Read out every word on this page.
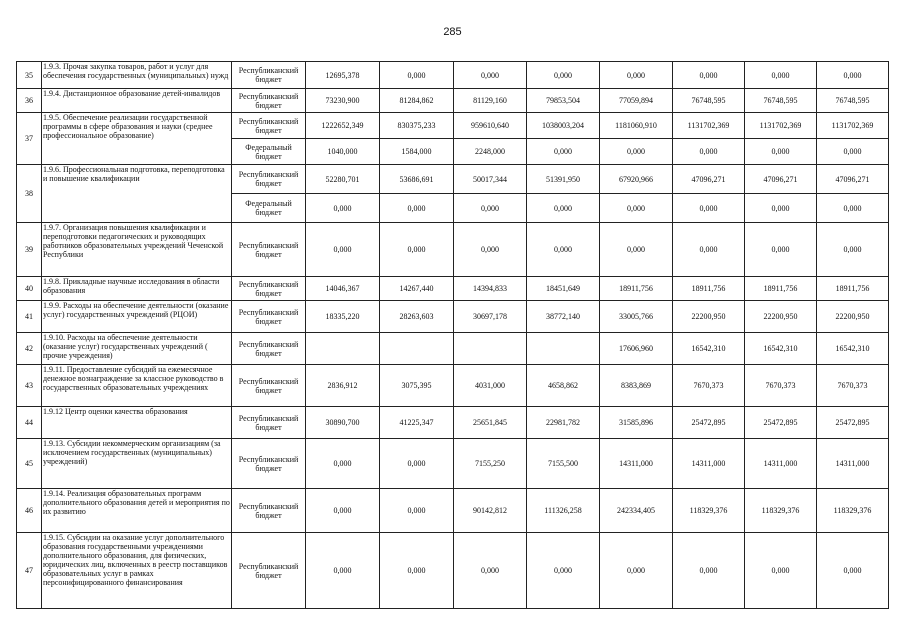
285
35	1.9.3. Прочая закупка товаров, работ и услуг для обеспечения государственных (муниципальных) нужд	Республиканский бюджет	12695,378	0,000	0,000	0,000	0,000	0,000	0,000	0,000
36	1.9.4. Дистанционное образование детей-инвалидов	Республиканский бюджет	73230,900	81284,862	81129,160	79853,504	77059,894	76748,595	76748,595	76748,595
37	1.9.5. Обеспечение реализации государственной программы в сфере образования и науки (среднее профессиональное образование)	Республиканский бюджет	1222652,349	830375,233	959610,640	1038003,204	1181060,910	1131702,369	1131702,369	1131702,369
		Федеральный бюджет	1040,000	1584,000	2248,000	0,000	0,000	0,000	0,000	0,000
38	1.9.6. Профессиональная подготовка, переподготовка и повышение квалификации	Республиканский бюджет	52280,701	53686,691	50017,344	51391,950	67920,966	47096,271	47096,271	47096,271
		Федеральный бюджет	0,000	0,000	0,000	0,000	0,000	0,000	0,000	0,000
39	1.9.7. Организация повышения квалификации и переподготовки педагогических и руководящих работников образовательных учреждений Чеченской Республики	Республиканский бюджет	0,000	0,000	0,000	0,000	0,000	0,000	0,000	0,000
40	1.9.8. Прикладные научные исследования в области образования	Республиканский бюджет	14046,367	14267,440	14394,833	18451,649	18911,756	18911,756	18911,756	18911,756
41	1.9.9. Расходы на обеспечение деятельности (оказание услуг) государственных учреждений (РЦОИ)	Республиканский бюджет	18335,220	28263,603	30697,178	38772,140	33005,766	22200,950	22200,950	22200,950
42	1.9.10. Расходы на обеспечение деятельности (оказание услуг) государственных учреждений ( прочие учреждения)	Республиканский бюджет					17606,960	16542,310	16542,310	16542,310
43	1.9.11. Предоставление субсидий на ежемесячное денежное вознаграждение за классное руководство в государственных образовательных учреждениях	Республиканский бюджет	2836,912	3075,395	4031,000	4658,862	8383,869	7670,373	7670,373	7670,373
44	1.9.12 Центр оценки качества образования	Республиканский бюджет	30890,700	41225,347	25651,845	22981,782	31585,896	25472,895	25472,895	25472,895
45	1.9.13. Субсидии некоммерческим организациям (за исключением государственных (муниципальных) учреждений)	Республиканский бюджет	0,000	0,000	7155,250	7155,500	14311,000	14311,000	14311,000	14311,000
46	1.9.14. Реализация образовательных программ дополнительного образования детей и мероприятия по их развитию	Республиканский бюджет	0,000	0,000	90142,812	111326,258	242334,405	118329,376	118329,376	118329,376
47	1.9.15. Субсидии на оказание услуг дополнительного образования государственными учреждениями дополнительного образования, для физических, юридических лиц, включенных в реестр поставщиков образовательных услуг в рамках персонифицированного финансирования	Республиканский бюджет	0,000	0,000	0,000	0,000	0,000	0,000	0,000	0,000
